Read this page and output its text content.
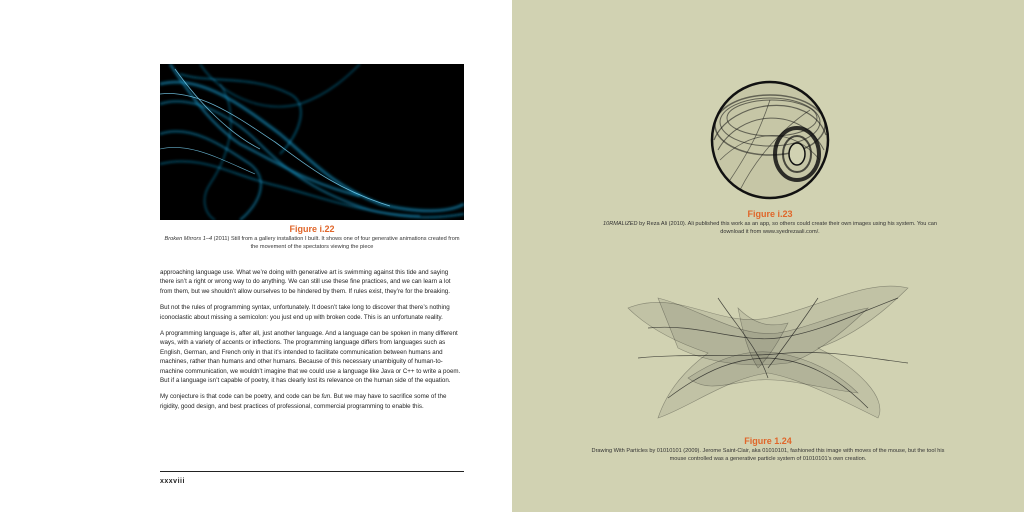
Figure i.22
Broken Mirrors 1–4 (2011) Still from a gallery installation I built. It shows one of four generative animations created from the movement of the spectators viewing the piece

approaching language use. What we’re doing with generative art is swimming against this tide and saying there isn’t a right or wrong way to do anything. We can still use these fine practices, and we can learn a lot from them, but we shouldn’t allow ourselves to be hindered by them. If rules exist, they’re for the breaking.

But not the rules of programming syntax, unfortunately. It doesn’t take long to discover that there’s nothing iconoclastic about missing a semicolon: you just end up with broken code. This is an unfortunate reality.

A programming language is, after all, just another language. And a language can be spoken in many different ways, with a variety of accents or inflections. The programming language differs from languages such as English, German, and French only in that it’s intended to facilitate communication between humans and machines, rather than humans and other humans. Because of this necessary unambiguity of human-to-machine communication, we wouldn’t imagine that we could use a language like Java or C++ to write a poem. But if a language isn’t capable of poetry, it has clearly lost its relevance on the human side of the equation.

My conjecture is that code can be poetry, and code can be fun. But we may have to sacrifice some of the rigidity, good design, and best practices of professional, commercial programming to enable this.

xxxviii
Figure i.23
10RMALIZED by Reza Ali (2010). Ali published this work as an app, so others could create their own images using his system. You can download it from www.syedrezaali.com/.
Figure 1.24
Drawing With Particles by 01010101 (2009). Jerome Saint-Clair, aka 01010101, fashioned this image with moves of the mouse, but the tool his mouse controlled was a generative particle system of 01010101’s own creation.
